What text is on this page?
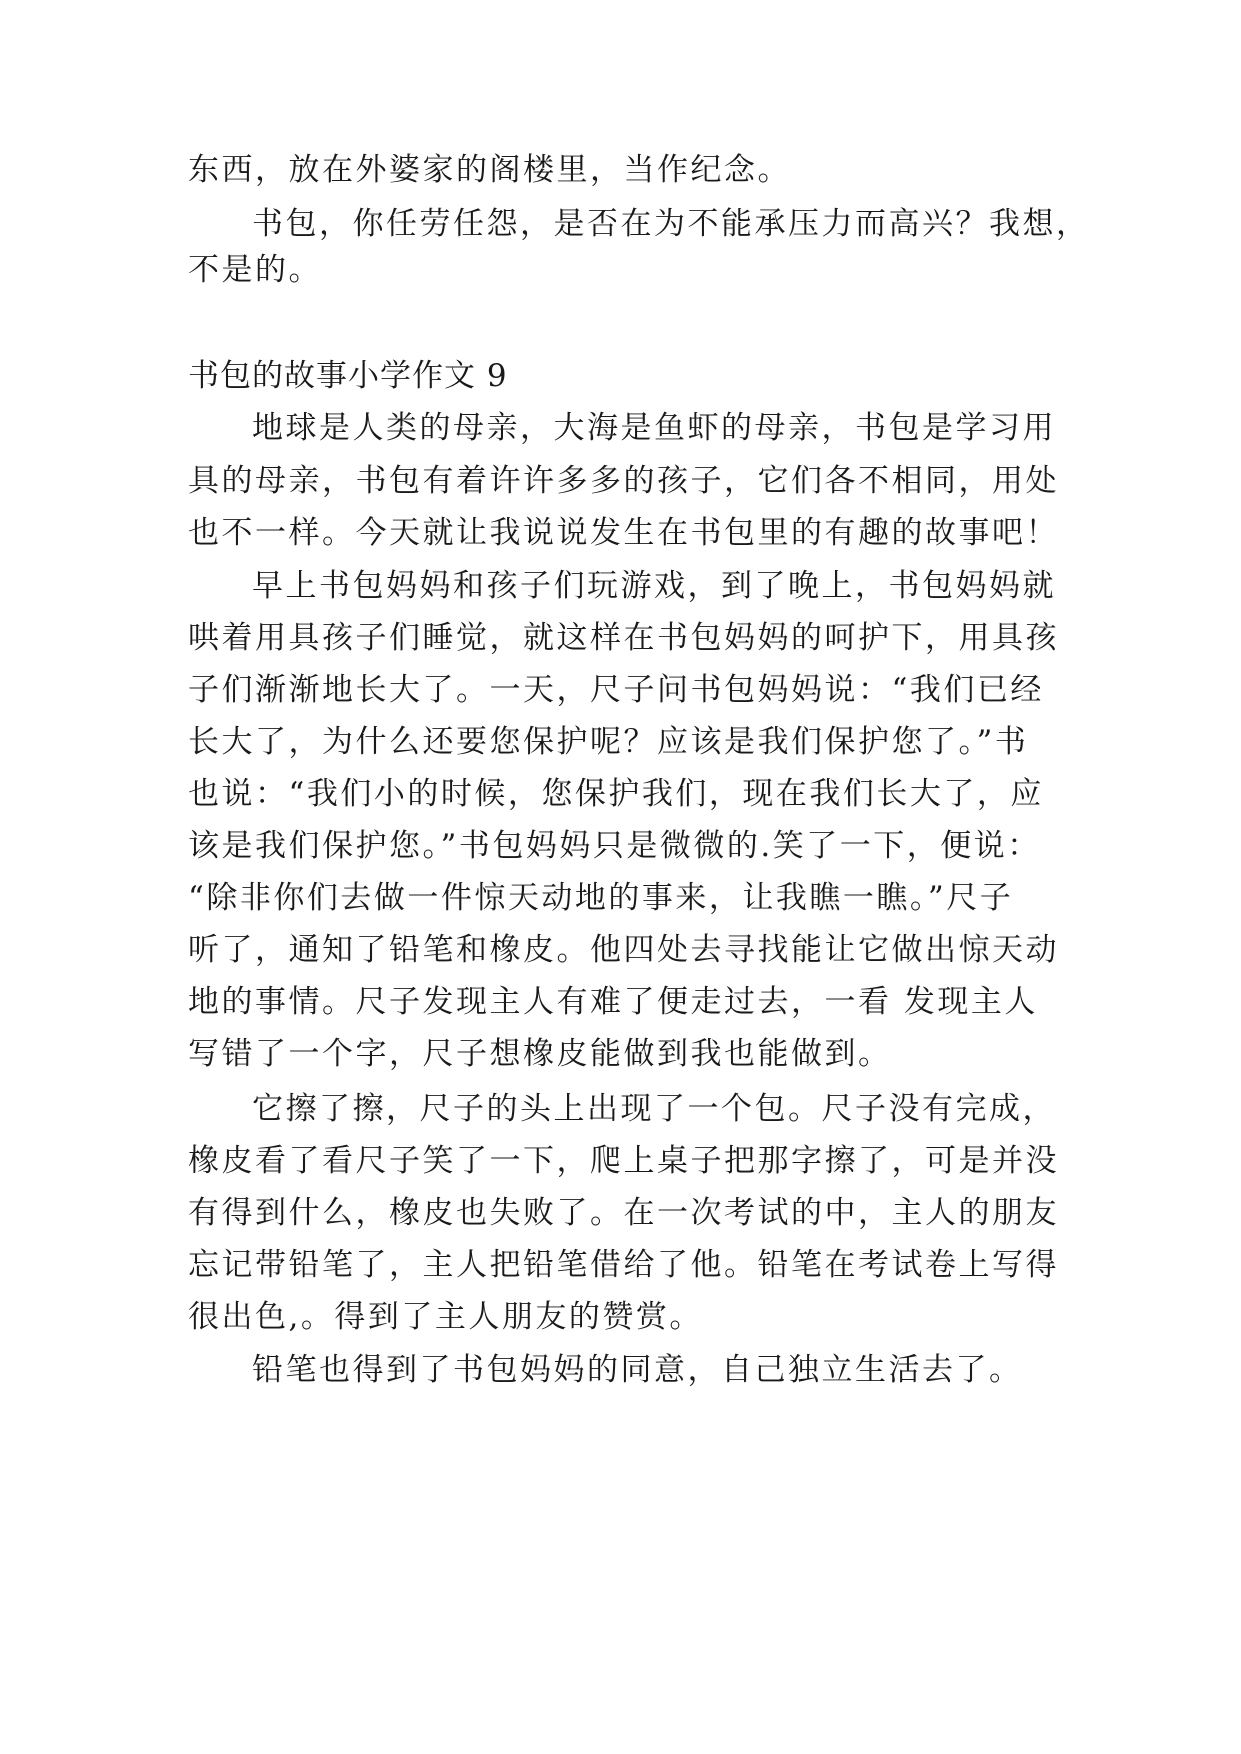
东西，放在外婆家的阁楼里，当作纪念。

书包，你任劳任怨，是否在为不能承压力而高兴？我想，

不是的。

书包的故事小学作文 9

地球是人类的母亲，大海是鱼虾的母亲，书包是学习用

具的母亲，书包有着许许多多的孩子，它们各不相同，用处

也不一样。今天就让我说说发生在书包里的有趣的故事吧！

早上书包妈妈和孩子们玩游戏，到了晚上，书包妈妈就

哄着用具孩子们睡觉，就这样在书包妈妈的呵护下，用具孩

子们渐渐地长大了。一天，尺子问书包妈妈说：“我们已经

长大了，为什么还要您保护呢？应该是我们保护您了。”书

也说：“我们小的时候，您保护我们，现在我们长大了，应

该是我们保护您。”书包妈妈只是微微的.笑了一下，便说：

“除非你们去做一件惊天动地的事来，让我瞧一瞧。”尺子

听了，通知了铅笔和橡皮。他四处去寻找能让它做出惊天动

地的事情。尺子发现主人有难了便走过去，一看 发现主人

写错了一个字，尺子想橡皮能做到我也能做到。

它擦了擦，尺子的头上出现了一个包。尺子没有完成，

橡皮看了看尺子笑了一下，爬上桌子把那字擦了，可是并没

有得到什么，橡皮也失败了。在一次考试的中，主人的朋友

忘记带铅笔了，主人把铅笔借给了他。铅笔在考试卷上写得

很出色,。得到了主人朋友的赞赏。

铅笔也得到了书包妈妈的同意，自己独立生活去了。
